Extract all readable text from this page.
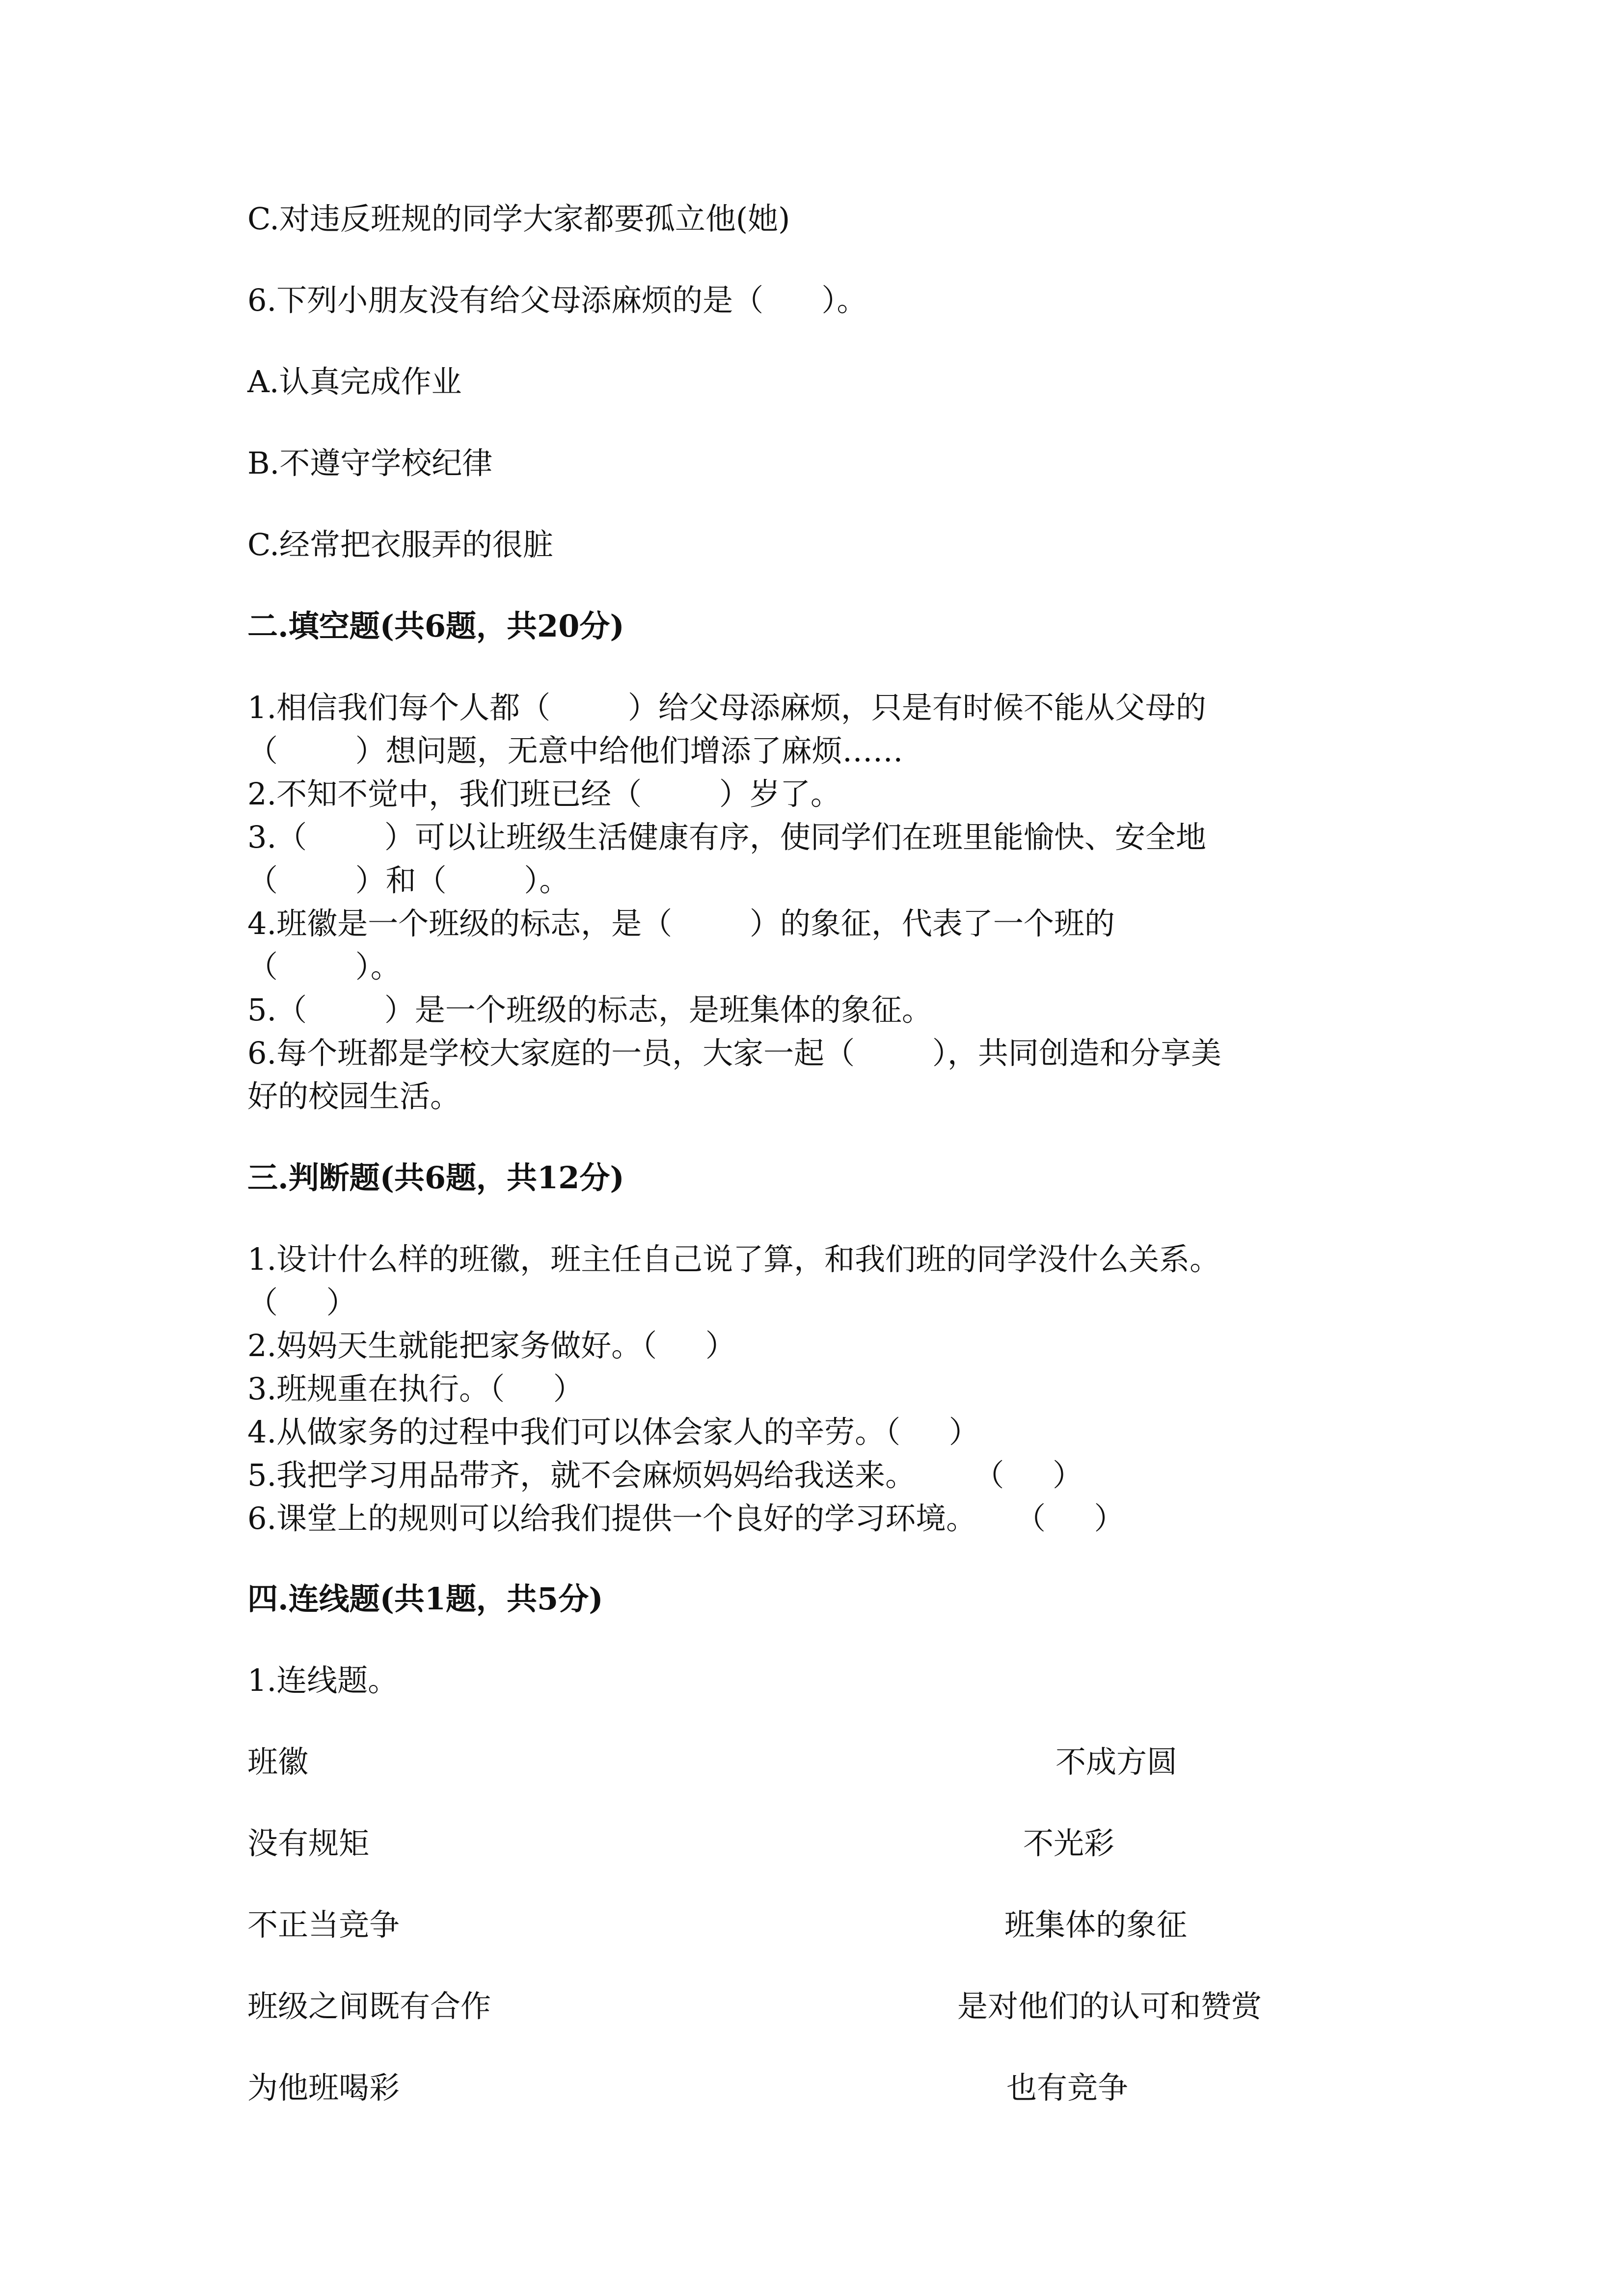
C.对违反班规的同学大家都要孤立他(她)
6.下列小朋友没有给父母添麻烦的是（      ）。
A.认真完成作业
B.不遵守学校纪律
C.经常把衣服弄的很脏
二.填空题(共6题，共20分)
1.相信我们每个人都（        ）给父母添麻烦，只是有时候不能从父母的
（        ）想问题，无意中给他们增添了麻烦……
2.不知不觉中，我们班已经（        ）岁了。
3.（        ）可以让班级生活健康有序，使同学们在班里能愉快、安全地
（        ）和（        ）。
4.班徽是一个班级的标志，是（        ）的象征，代表了一个班的
（        ）。
5.（        ）是一个班级的标志，是班集体的象征。
6.每个班都是学校大家庭的一员，大家一起（        ），共同创造和分享美
好的校园生活。
三.判断题(共6题，共12分)
1.设计什么样的班徽，班主任自己说了算，和我们班的同学没什么关系。
（     ）
2.妈妈天生就能把家务做好。（     ）
3.班规重在执行。（     ）
4.从做家务的过程中我们可以体会家人的辛劳。（     ）
5.我把学习用品带齐，就不会麻烦妈妈给我送来。      （     ）
6.课堂上的规则可以给我们提供一个良好的学习环境。    （     ）
四.连线题(共1题，共5分)
1.连线题。
班徽	不成方圆
没有规矩	不光彩
不正当竞争	班集体的象征
班级之间既有合作	是对他们的认可和赞赏
为他班喝彩	也有竞争
